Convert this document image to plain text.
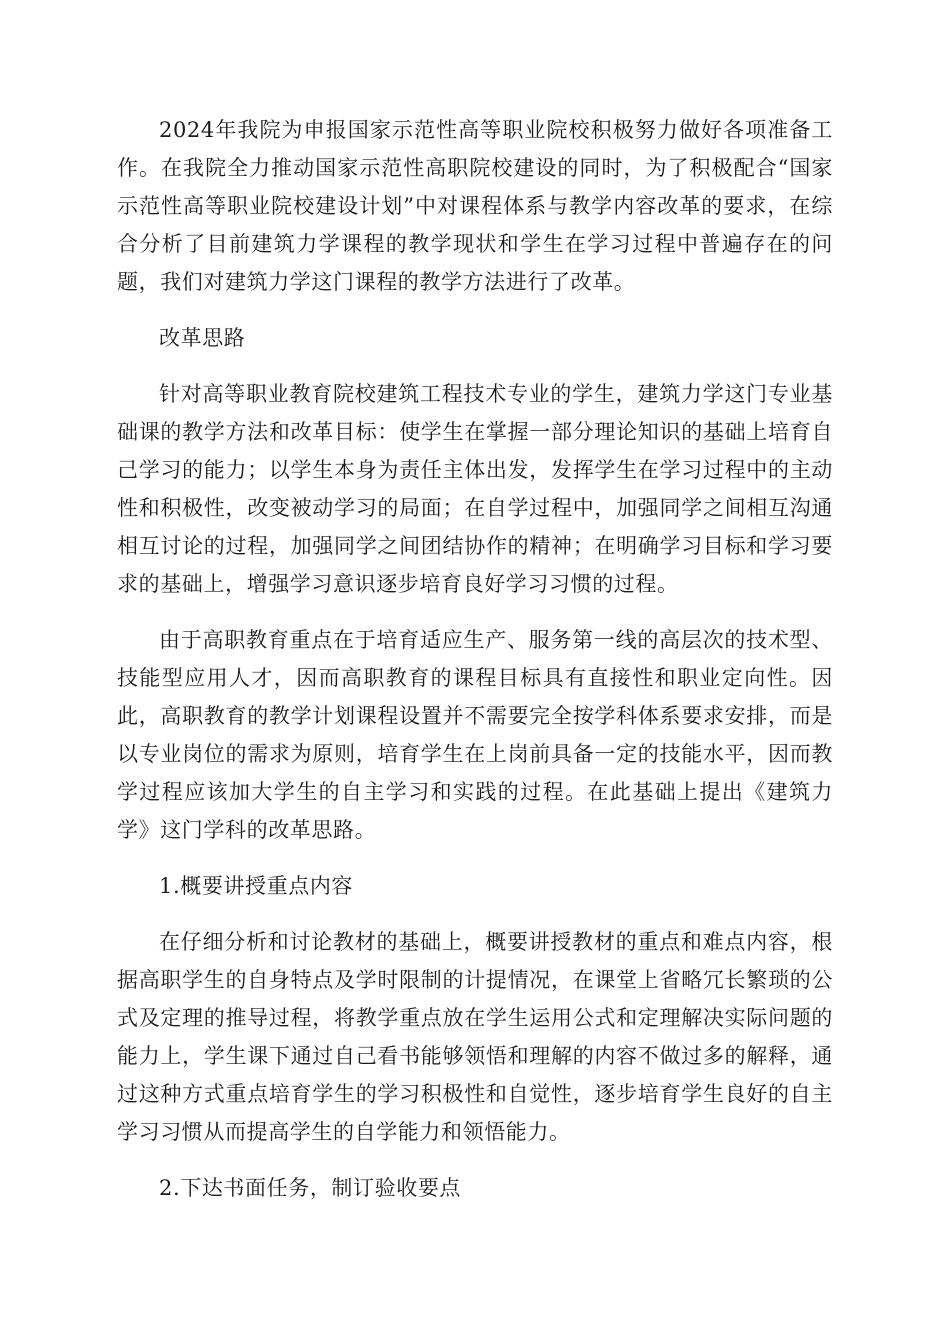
2024年我院为申报国家示范性高等职业院校积极努力做好各项准备工作。在我院全力推动国家示范性高职院校建设的同时，为了积极配合“国家示范性高等职业院校建设计划”中对课程体系与教学内容改革的要求，在综合分析了目前建筑力学课程的教学现状和学生在学习过程中普遍存在的问题，我们对建筑力学这门课程的教学方法进行了改革。

改革思路

针对高等职业教育院校建筑工程技术专业的学生，建筑力学这门专业基础课的教学方法和改革目标：使学生在掌握一部分理论知识的基础上培育自己学习的能力；以学生本身为责任主体出发，发挥学生在学习过程中的主动性和积极性，改变被动学习的局面；在自学过程中，加强同学之间相互沟通相互讨论的过程，加强同学之间团结协作的精神；在明确学习目标和学习要求的基础上，增强学习意识逐步培育良好学习习惯的过程。

由于高职教育重点在于培育适应生产、服务第一线的高层次的技术型、技能型应用人才，因而高职教育的课程目标具有直接性和职业定向性。因此，高职教育的教学计划课程设置并不需要完全按学科体系要求安排，而是以专业岗位的需求为原则，培育学生在上岗前具备一定的技能水平，因而教学过程应该加大学生的自主学习和实践的过程。在此基础上提出《建筑力学》这门学科的改革思路。

1.概要讲授重点内容

在仔细分析和讨论教材的基础上，概要讲授教材的重点和难点内容，根据高职学生的自身特点及学时限制的计提情况，在课堂上省略冗长繁琐的公式及定理的推导过程，将教学重点放在学生运用公式和定理解决实际问题的能力上，学生课下通过自己看书能够领悟和理解的内容不做过多的解释，通过这种方式重点培育学生的学习积极性和自觉性，逐步培育学生良好的自主学习习惯从而提高学生的自学能力和领悟能力。

2.下达书面任务，制订验收要点
